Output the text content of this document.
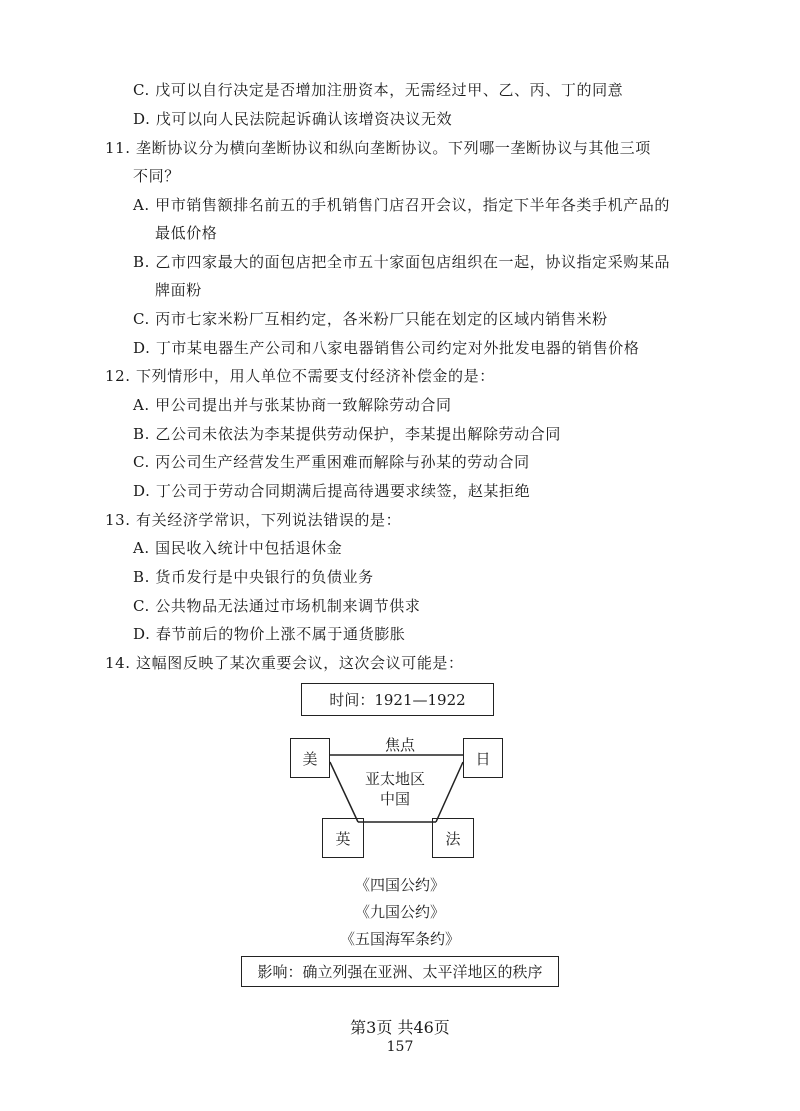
C. 戊可以自行决定是否增加注册资本，无需经过甲、乙、丙、丁的同意
D. 戊可以向人民法院起诉确认该增资决议无效
11. 垄断协议分为横向垄断协议和纵向垄断协议。下列哪一垄断协议与其他三项
不同？
A. 甲市销售额排名前五的手机销售门店召开会议，指定下半年各类手机产品的
最低价格
B. 乙市四家最大的面包店把全市五十家面包店组织在一起，协议指定采购某品
牌面粉
C. 丙市七家米粉厂互相约定，各米粉厂只能在划定的区域内销售米粉
D. 丁市某电器生产公司和八家电器销售公司约定对外批发电器的销售价格
12. 下列情形中，用人单位不需要支付经济补偿金的是：
A. 甲公司提出并与张某协商一致解除劳动合同
B. 乙公司未依法为李某提供劳动保护，李某提出解除劳动合同
C. 丙公司生产经营发生严重困难而解除与孙某的劳动合同
D. 丁公司于劳动合同期满后提高待遇要求续签，赵某拒绝
13. 有关经济学常识，下列说法错误的是：
A. 国民收入统计中包括退休金
B. 货币发行是中央银行的负债业务
C. 公共物品无法通过市场机制来调节供求
D. 春节前后的物价上涨不属于通货膨胀
14. 这幅图反映了某次重要会议，这次会议可能是：
时间：1921—1922
美	日
英	法
焦点
亚太地区
中国
《四国公约》
《九国公约》
《五国海军条约》
影响：确立列强在亚洲、太平洋地区的秩序
第3页 共46页
157
